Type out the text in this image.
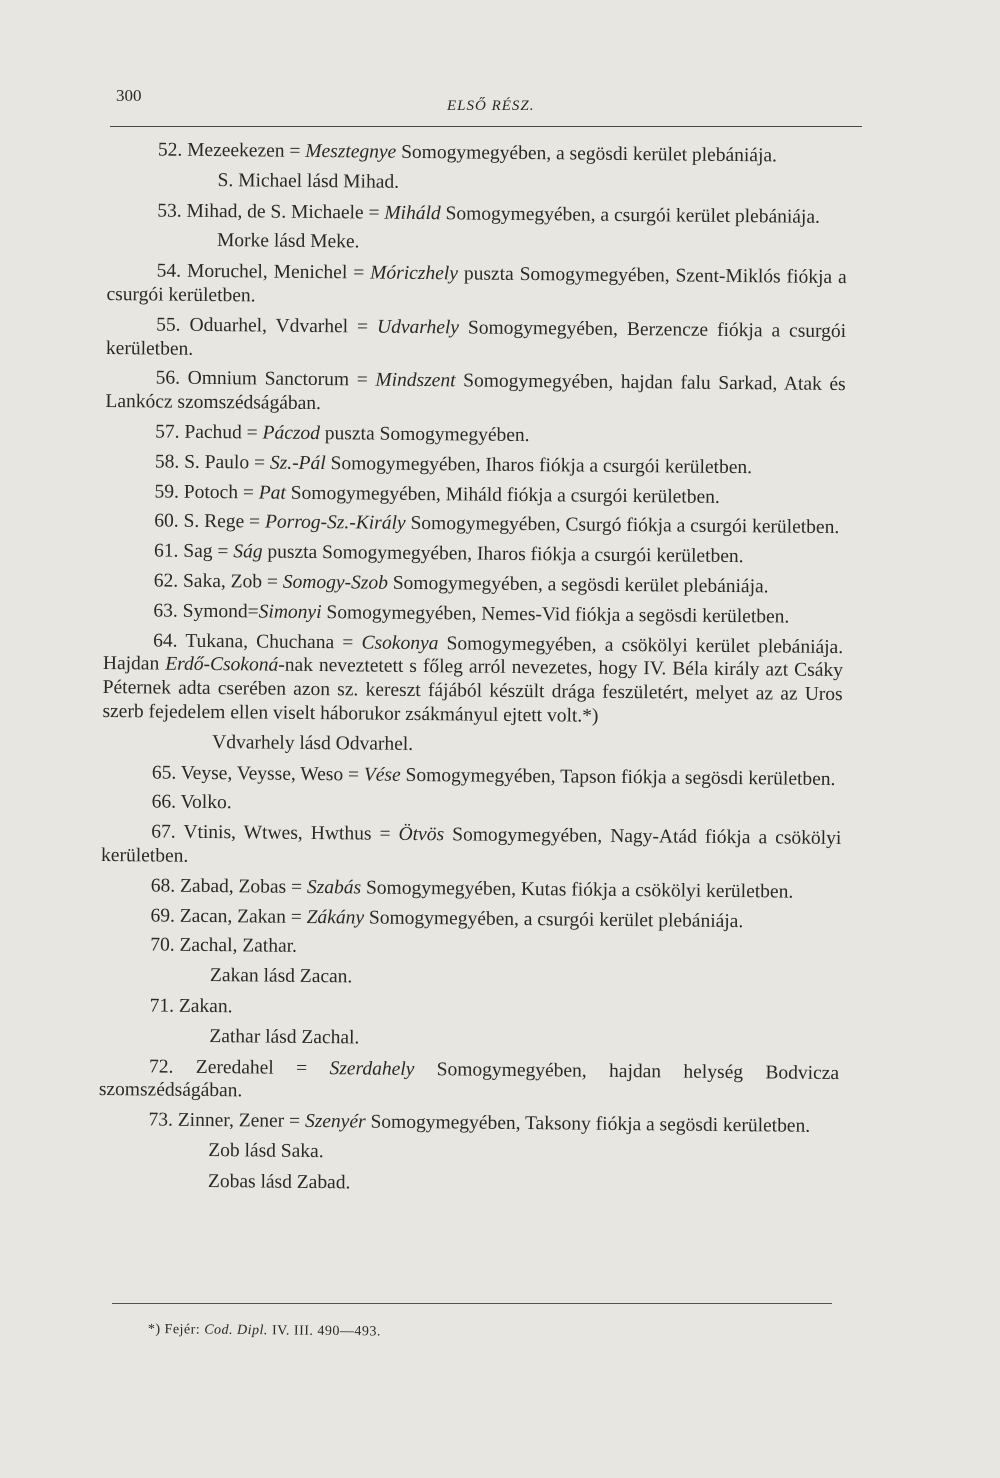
300
ELSŐ RÉSZ.

52. Mezeekezen = Mesztegnye Somogymegyében, a segösdi kerület plebániája.

S. Michael lásd Mihad.

53. Mihad, de S. Michaele = Miháld Somogymegyében, a csurgói kerület plebániája.

Morke lásd Meke.

54. Moruchel, Menichel = Móriczhely puszta Somogymegyében, Szent-Miklós fiókja a csurgói kerületben.

55. Oduarhel, Vdvarhel = Udvarhely Somogymegyében, Berzencze fiókja a csurgói kerületben.

56. Omnium Sanctorum = Mindszent Somogymegyében, hajdan falu Sarkad, Atak és Lankócz szomszédságában.

57. Pachud = Páczod puszta Somogymegyében.

58. S. Paulo = Sz.-Pál Somogymegyében, Iharos fiókja a csurgói kerületben.

59. Potoch = Pat Somogymegyében, Miháld fiókja a csurgói kerületben.

60. S. Rege = Porrog-Sz.-Király Somogymegyében, Csurgó fiókja a csurgói kerületben.

61. Sag = Ság puszta Somogymegyében, Iharos fiókja a csurgói kerületben.

62. Saka, Zob = Somogy-Szob Somogymegyében, a segösdi kerület plebániája.

63. Symond=Simonyi Somogymegyében, Nemes-Vid fiókja a segösdi kerületben.

64. Tukana, Chuchana = Csokonya Somogymegyében, a csökölyi kerület plebániája. Hajdan Erdő-Csokoná-nak neveztetett s főleg arról nevezetes, hogy IV. Béla király azt Csáky Péternek adta cserében azon sz. kereszt fájából készült drága feszületért, melyet az az Uros szerb fejedelem ellen viselt háborukor zsákmányul ejtett volt.*)

Vdvarhely lásd Odvarhel.

65. Veyse, Veysse, Weso = Vése Somogymegyében, Tapson fiókja a segösdi kerületben.

66. Volko.

67. Vtinis, Wtwes, Hwthus = Ötvös Somogymegyében, Nagy-Atád fiókja a csökölyi kerületben.

68. Zabad, Zobas = Szabás Somogymegyében, Kutas fiókja a csökölyi kerületben.

69. Zacan, Zakan = Zákány Somogymegyében, a csurgói kerület plebániája.

70. Zachal, Zathar.

Zakan lásd Zacan.

71. Zakan.

Zathar lásd Zachal.

72. Zeredahel = Szerdahely Somogymegyében, hajdan helység Bodvicza szomszédságában.

73. Zinner, Zener = Szenyér Somogymegyében, Taksony fiókja a segösdi kerületben.

Zob lásd Saka.

Zobas lásd Zabad.

*) Fejér: Cod. Dipl. IV. III. 490—493.
